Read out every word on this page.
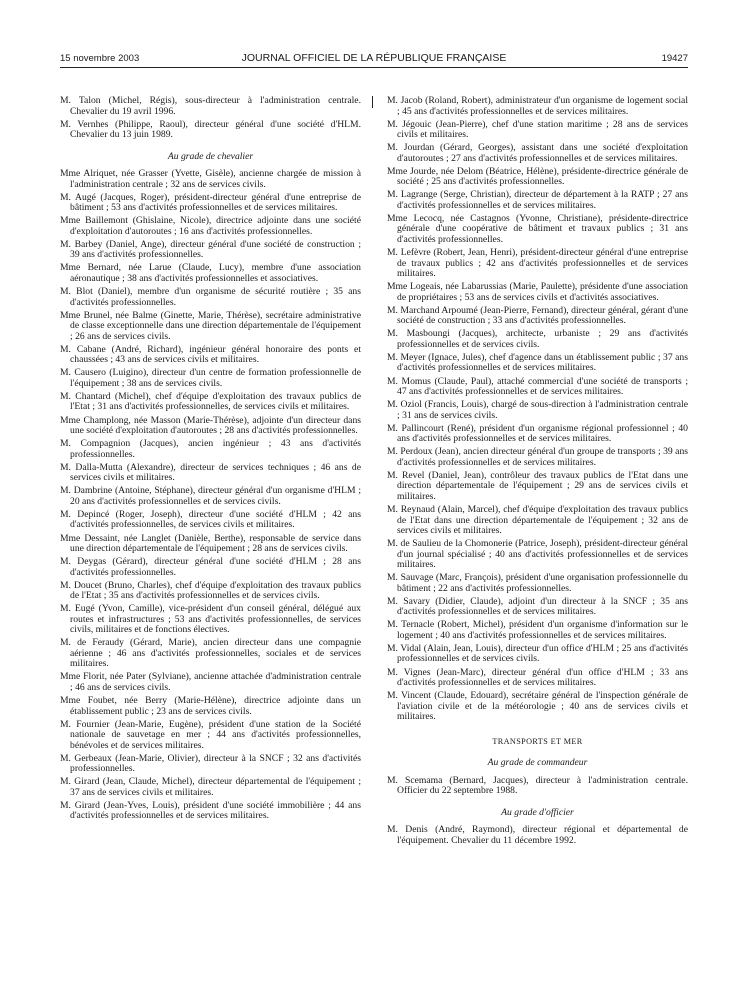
15 novembre 2003	JOURNAL OFFICIEL DE LA RÉPUBLIQUE FRANÇAISE	19427

M. Talon (Michel, Régis), sous-directeur à l'administration centrale. Chevalier du 19 avril 1996.

M. Vernhes (Philippe, Raoul), directeur général d'une société d'HLM. Chevalier du 13 juin 1989.

Au grade de chevalier

Mme Alriquet, née Grasser (Yvette, Gisèle), ancienne chargée de mission à l'administration centrale ; 32 ans de services civils.

M. Augé (Jacques, Roger), président-directeur général d'une entreprise de bâtiment ; 53 ans d'activités professionnelles et de services militaires.

Mme Baillemont (Ghislaine, Nicole), directrice adjointe dans une société d'exploitation d'autoroutes ; 16 ans d'activités professionnelles.

M. Barbey (Daniel, Ange), directeur général d'une société de construction ; 39 ans d'activités professionnelles.

Mme Bernard, née Larue (Claude, Lucy), membre d'une association aéronautique ; 38 ans d'activités professionnelles et associatives.

M. Blot (Daniel), membre d'un organisme de sécurité routière ; 35 ans d'activités professionnelles.

Mme Brunel, née Balme (Ginette, Marie, Thérèse), secrétaire administrative de classe exceptionnelle dans une direction départementale de l'équipement ; 26 ans de services civils.

M. Cabane (André, Richard), ingénieur général honoraire des ponts et chaussées ; 43 ans de services civils et militaires.

M. Causero (Luigino), directeur d'un centre de formation professionnelle de l'équipement ; 38 ans de services civils.

M. Chantard (Michel), chef d'équipe d'exploitation des travaux publics de l'Etat ; 31 ans d'activités professionnelles, de services civils et militaires.

Mme Champlong, née Masson (Marie-Thérèse), adjointe d'un directeur dans une société d'exploitation d'autoroutes ; 28 ans d'activités professionnelles.

M. Compagnion (Jacques), ancien ingénieur ; 43 ans d'activités professionnelles.

M. Dalla-Mutta (Alexandre), directeur de services techniques ; 46 ans de services civils et militaires.

M. Dambrine (Antoine, Stéphane), directeur général d'un organisme d'HLM ; 20 ans d'activités professionnelles et de services civils.

M. Depincé (Roger, Joseph), directeur d'une société d'HLM ; 42 ans d'activités professionnelles, de services civils et militaires.

Mme Dessaint, née Langlet (Danièle, Berthe), responsable de service dans une direction départementale de l'équipement ; 28 ans de services civils.

M. Deygas (Gérard), directeur général d'une société d'HLM ; 28 ans d'activités professionnelles.

M. Doucet (Bruno, Charles), chef d'équipe d'exploitation des travaux publics de l'Etat ; 35 ans d'activités professionnelles et de services civils.

M. Eugé (Yvon, Camille), vice-président d'un conseil général, délégué aux routes et infrastructures ; 53 ans d'activités professionnelles, de services civils, militaires et de fonctions électives.

M. de Feraudy (Gérard, Marie), ancien directeur dans une compagnie aérienne ; 46 ans d'activités professionnelles, sociales et de services militaires.

Mme Florit, née Pater (Sylviane), ancienne attachée d'administration centrale ; 46 ans de services civils.

Mme Foubet, née Berry (Marie-Hélène), directrice adjointe dans un établissement public ; 23 ans de services civils.

M. Fournier (Jean-Marie, Eugène), président d'une station de la Société nationale de sauvetage en mer ; 44 ans d'activités professionnelles, bénévoles et de services militaires.

M. Gerbeaux (Jean-Marie, Olivier), directeur à la SNCF ; 32 ans d'activités professionnelles.

M. Girard (Jean, Claude, Michel), directeur départemental de l'équipement ; 37 ans de services civils et militaires.

M. Girard (Jean-Yves, Louis), président d'une société immobilière ; 44 ans d'activités professionnelles et de services militaires.

M. Jacob (Roland, Robert), administrateur d'un organisme de logement social ; 45 ans d'activités professionnelles et de services militaires.

M. Jégouic (Jean-Pierre), chef d'une station maritime ; 28 ans de services civils et militaires.

M. Jourdan (Gérard, Georges), assistant dans une société d'exploitation d'autoroutes ; 27 ans d'activités professionnelles et de services militaires.

Mme Jourde, née Delom (Béatrice, Hélène), présidente-directrice générale de société ; 25 ans d'activités professionnelles.

M. Lagrange (Serge, Christian), directeur de département à la RATP ; 27 ans d'activités professionnelles et de services militaires.

Mme Lecocq, née Castagnos (Yvonne, Christiane), présidente-directrice générale d'une coopérative de bâtiment et travaux publics ; 31 ans d'activités professionnelles.

M. Lefèvre (Robert, Jean, Henri), président-directeur général d'une entreprise de travaux publics ; 42 ans d'activités professionnelles et de services militaires.

Mme Logeais, née Labarussias (Marie, Paulette), présidente d'une association de propriétaires ; 53 ans de services civils et d'activités associatives.

M. Marchand Arpoumé (Jean-Pierre, Fernand), directeur général, gérant d'une société de construction ; 33 ans d'activités professionnelles.

M. Masboungi (Jacques), architecte, urbaniste ; 29 ans d'activités professionnelles et de services civils.

M. Meyer (Ignace, Jules), chef d'agence dans un établissement public ; 37 ans d'activités professionnelles et de services militaires.

M. Momus (Claude, Paul), attaché commercial d'une société de transports ; 47 ans d'activités professionnelles et de services militaires.

M. Oziol (Francis, Louis), chargé de sous-direction à l'administration centrale ; 31 ans de services civils.

M. Pallincourt (René), président d'un organisme régional professionnel ; 40 ans d'activités professionnelles et de services militaires.

M. Perdoux (Jean), ancien directeur général d'un groupe de transports ; 39 ans d'activités professionnelles et de services militaires.

M. Revel (Daniel, Jean), contrôleur des travaux publics de l'Etat dans une direction départementale de l'équipement ; 29 ans de services civils et militaires.

M. Reynaud (Alain, Marcel), chef d'équipe d'exploitation des travaux publics de l'Etat dans une direction départementale de l'équipement ; 32 ans de services civils et militaires.

M. de Saulieu de la Chomonerie (Patrice, Joseph), président-directeur général d'un journal spécialisé ; 40 ans d'activités professionnelles et de services militaires.

M. Sauvage (Marc, François), président d'une organisation professionnelle du bâtiment ; 22 ans d'activités professionnelles.

M. Savary (Didier, Claude), adjoint d'un directeur à la SNCF ; 35 ans d'activités professionnelles et de services militaires.

M. Ternacle (Robert, Michel), président d'un organisme d'information sur le logement ; 40 ans d'activités professionnelles et de services militaires.

M. Vidal (Alain, Jean, Louis), directeur d'un office d'HLM ; 25 ans d'activités professionnelles et de services civils.

M. Vignes (Jean-Marc), directeur général d'un office d'HLM ; 33 ans d'activités professionnelles et de services militaires.

M. Vincent (Claude, Edouard), secrétaire général de l'inspection générale de l'aviation civile et de la météorologie ; 40 ans de services civils et militaires.

TRANSPORTS ET MER

Au grade de commandeur

M. Scemama (Bernard, Jacques), directeur à l'administration centrale. Officier du 22 septembre 1988.

Au grade d'officier

M. Denis (André, Raymond), directeur régional et départemental de l'équipement. Chevalier du 11 décembre 1992.
